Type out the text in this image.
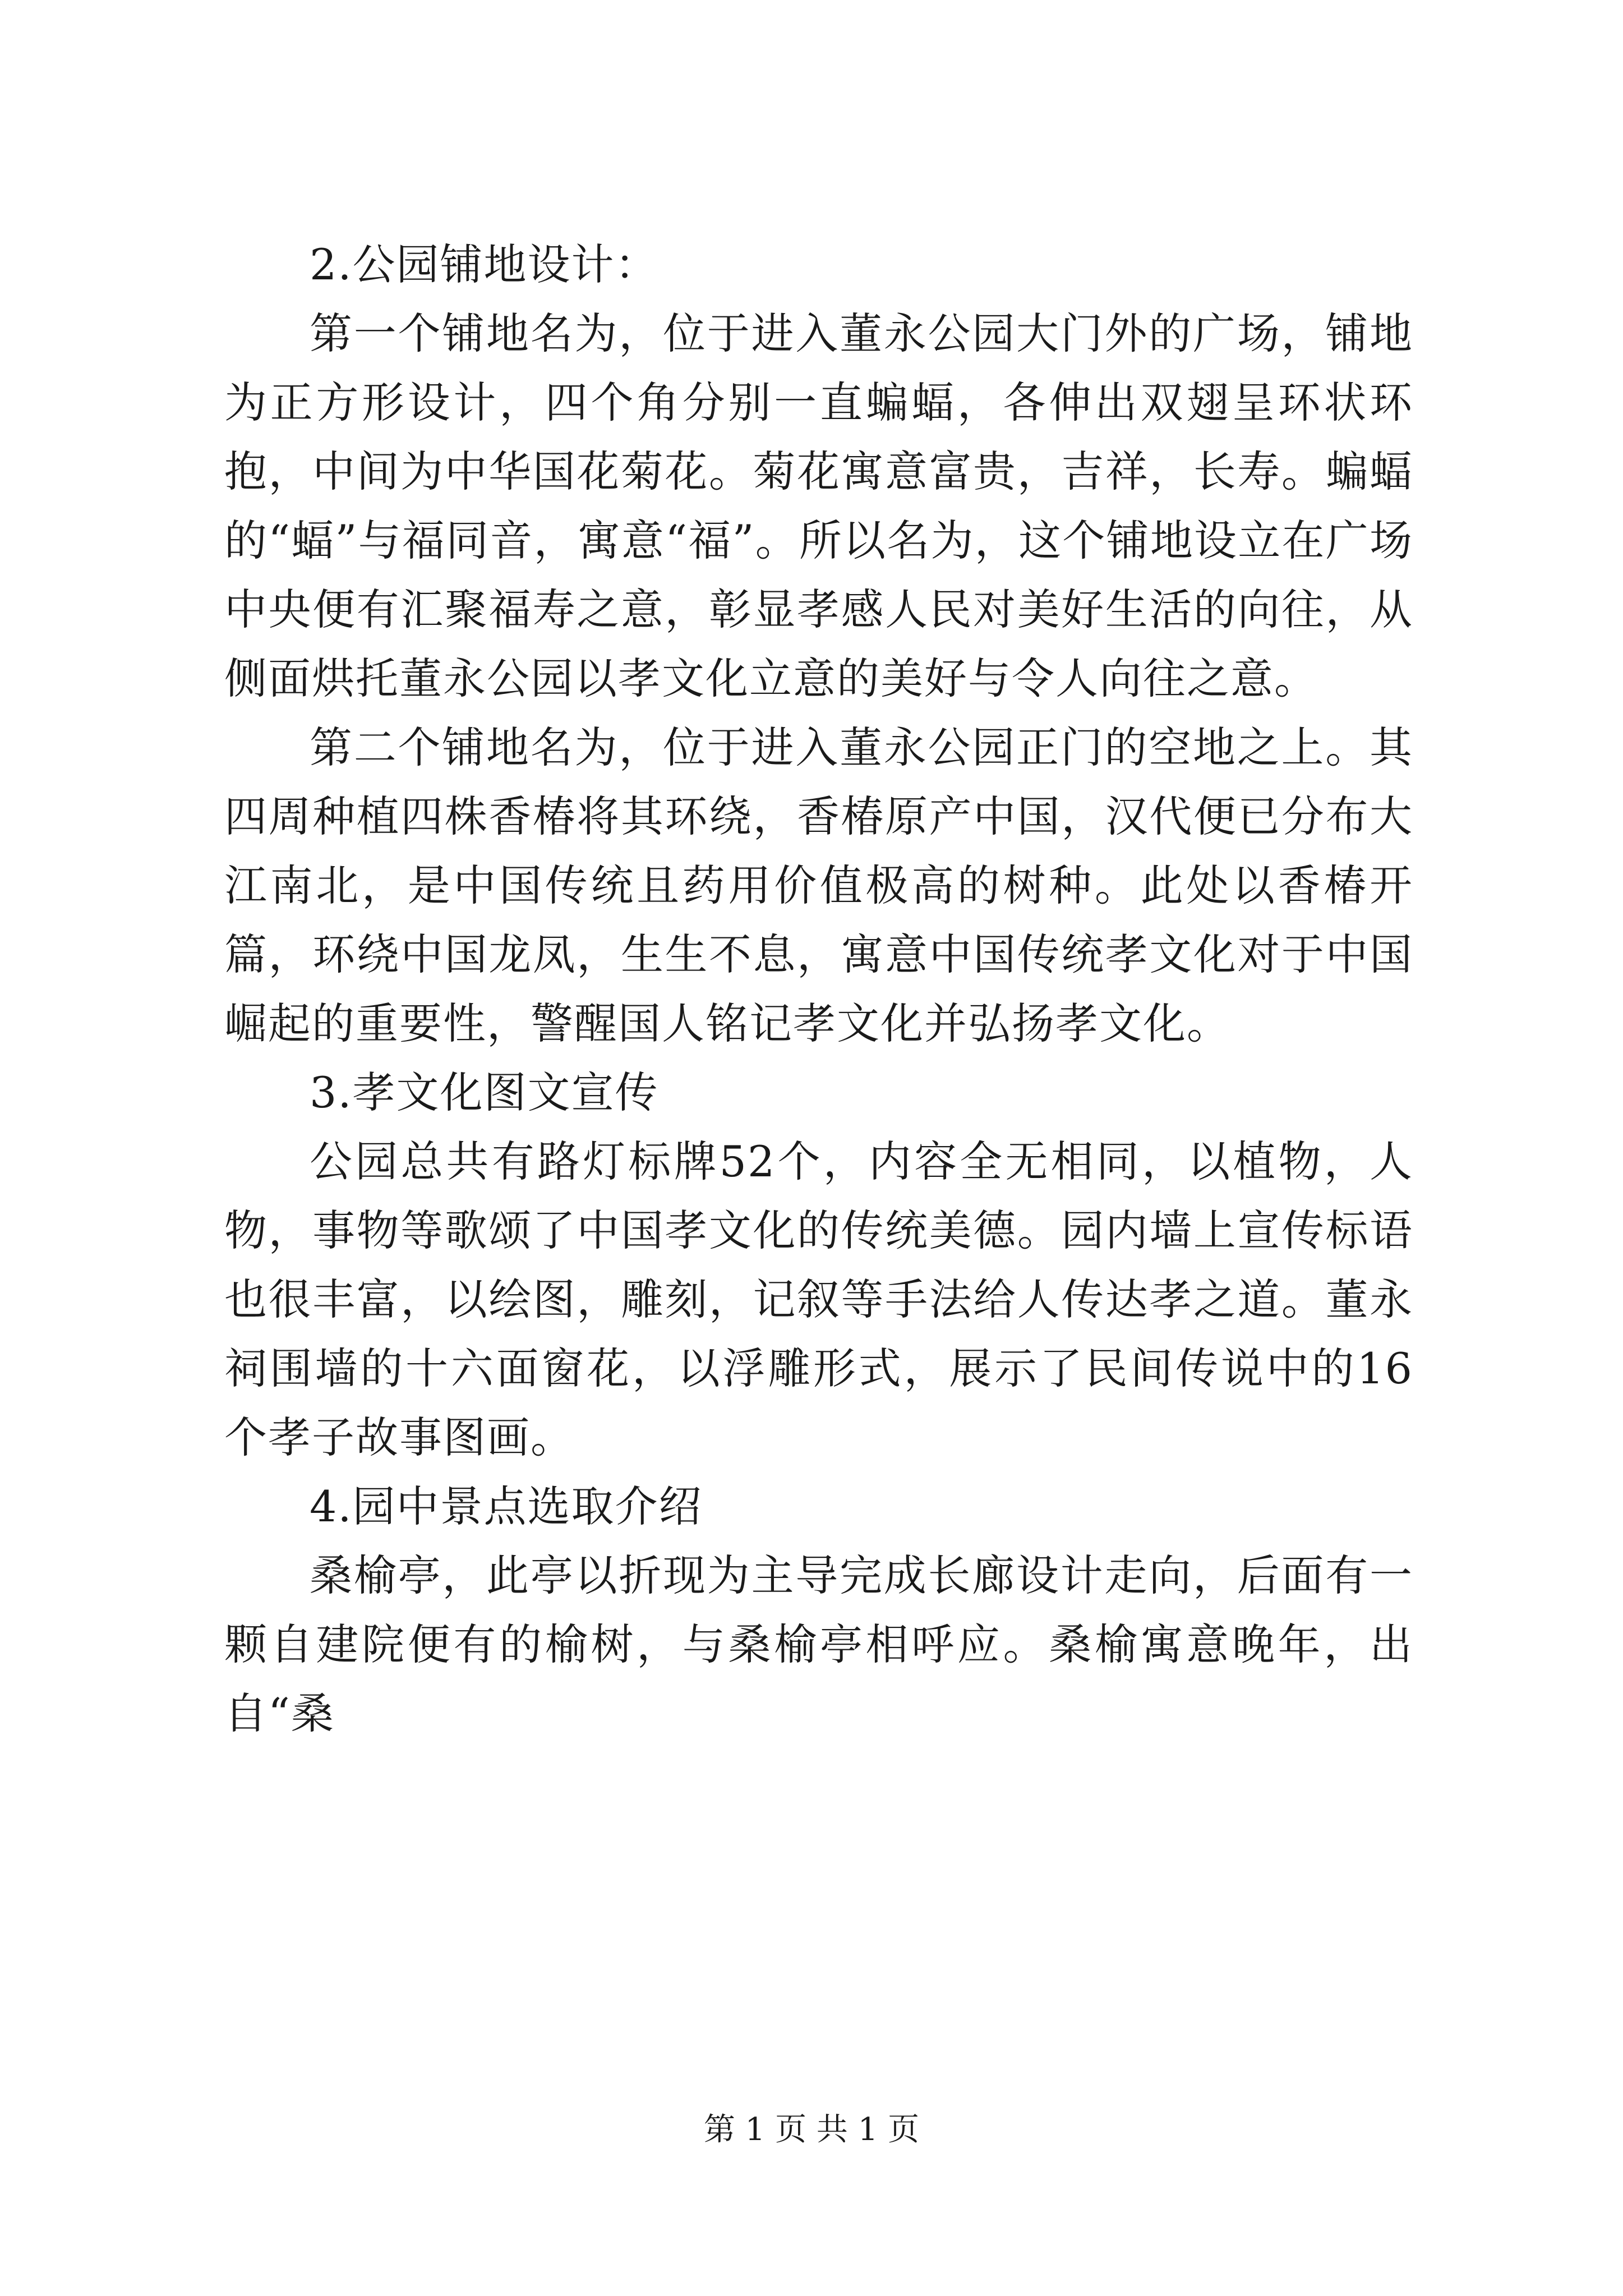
2.公园铺地设计：

第一个铺地名为，位于进入董永公园大门外的广场，铺地为正方形设计，四个角分别一直蝙蝠，各伸出双翅呈环状环抱，中间为中华国花菊花。菊花寓意富贵，吉祥，长寿。蝙蝠的“蝠”与福同音，寓意“福”。所以名为，这个铺地设立在广场中央便有汇聚福寿之意，彰显孝感人民对美好生活的向往，从侧面烘托董永公园以孝文化立意的美好与令人向往之意。

第二个铺地名为，位于进入董永公园正门的空地之上。其四周种植四株香椿将其环绕，香椿原产中国，汉代便已分布大江南北，是中国传统且药用价值极高的树种。此处以香椿开篇，环绕中国龙凤，生生不息，寓意中国传统孝文化对于中国崛起的重要性，警醒国人铭记孝文化并弘扬孝文化。

3.孝文化图文宣传

公园总共有路灯标牌52个，内容全无相同，以植物，人物，事物等歌颂了中国孝文化的传统美德。园内墙上宣传标语也很丰富，以绘图，雕刻，记叙等手法给人传达孝之道。董永祠围墙的十六面窗花，以浮雕形式，展示了民间传说中的16个孝子故事图画。

4.园中景点选取介绍

桑榆亭，此亭以折现为主导完成长廊设计走向，后面有一颗自建院便有的榆树，与桑榆亭相呼应。桑榆寓意晚年，出自“桑

第 1 页 共 1 页
